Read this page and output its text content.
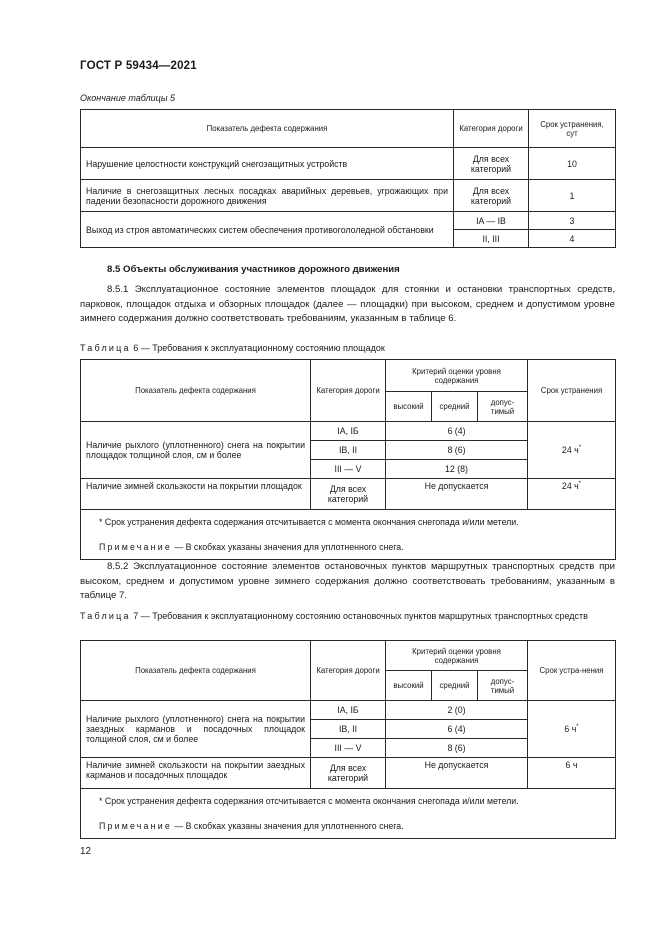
ГОСТ Р 59434—2021
Окончание таблицы 5
Показатель дефекта содержания	Категория дороги	Срок устранения, сут
Нарушение целостности конструкций снегозащитных устройств	Для всех категорий	10
Наличие в снегозащитных лесных посадках аварийных деревьев, угрожающих при падении безопасности дорожного движения	Для всех категорий	1
Выход из строя автоматических систем обеспечения противогололедной обстановки	IA — IB	3
	II, III	4
8.5 Объекты обслуживания участников дорожного движения
8.5.1 Эксплуатационное состояние элементов площадок для стоянки и остановки транспортных средств, парковок, площадок отдыха и обзорных площадок (далее — площадки) при высоком, среднем и допустимом уровне зимнего содержания должно соответствовать требованиям, указанным в таблице 6.
Таблица 6 — Требования к эксплуатационному состоянию площадок
Показатель дефекта содержания	Категория дороги	Критерий оценки уровня содержания			Срок устранения
		высокий	средний	допус-тимый	
Наличие рыхлого (уплотненного) снега на покрытии площадок толщиной слоя, см и более	IA, IБ	6 (4)			24 ч*
	IB, II	8 (6)			
	III — V	12 (8)			
Наличие зимней скользкости на покрытии площадок	Для всех категорий	Не допускается			24 ч*
* Срок устранения дефекта содержания отсчитывается с момента окончания снегопада и/или метели.					
Примечание — В скобках указаны значения для уплотненного снега.					
8.5.2 Эксплуатационное состояние элементов остановочных пунктов маршрутных транспортных средств при высоком, среднем и допустимом уровне зимнего содержания должно соответствовать требованиям, указанным в таблице 7.
Таблица 7 — Требования к эксплуатационному состоянию остановочных пунктов маршрутных транспортных средств
Показатель дефекта содержания	Категория дороги	Критерий оценки уровня содержания			Срок устра-нения
		высокий	средний	допус-тимый	
Наличие рыхлого (уплотненного) снега на покрытии заездных карманов и посадочных площадок толщиной слоя, см и более	IA, IБ	2 (0)			6 ч*
	IB, II	6 (4)			
	III — V	8 (6)			
Наличие зимней скользкости на покрытии заездных карманов и посадочных площадок	Для всех категорий	Не допускается			6 ч
* Срок устранения дефекта содержания отсчитывается с момента окончания снегопада и/или метели.					
Примечание — В скобках указаны значения для уплотненного снега.					
12
